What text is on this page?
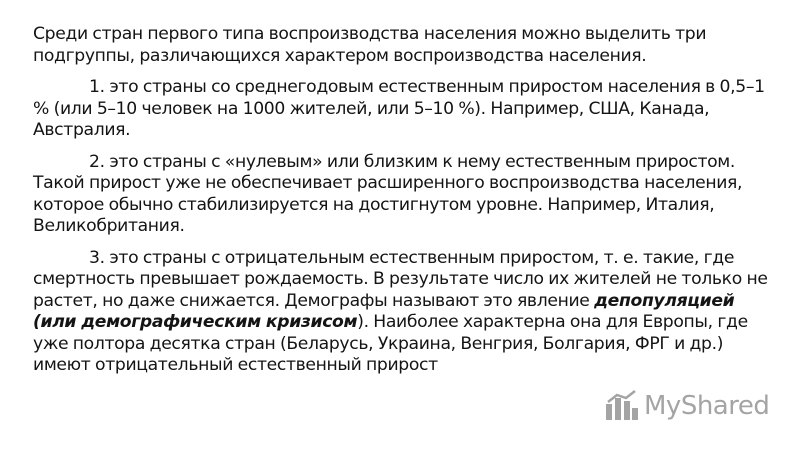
Среди стран первого типа воспроизводства населения можно выделить три подгруппы, различающихся характером воспроизводства населения.

1. это страны со среднегодовым естественным приростом населения в 0,5–1 % (или 5–10 человек на 1000 жителей, или 5–10 %). Например, США, Канада, Австралия.

2. это страны с «нулевым» или близким к нему естественным приростом. Такой прирост уже не обеспечивает расширенного воспроизводства населения, которое обычно стабилизируется на достигнутом уровне. Например, Италия, Великобритания.

3. это страны с отрицательным естественным приростом, т. е. такие, где смертность превышает рождаемость. В результате число их жителей не только не растет, но даже снижается. Демографы называют это явление депопуляцией (или демографическим кризисом). Наиболее характерна она для Европы, где уже полтора десятка стран (Беларусь, Украина, Венгрия, Болгария, ФРГ и др.) имеют отрицательный естественный прирост

MyShared
